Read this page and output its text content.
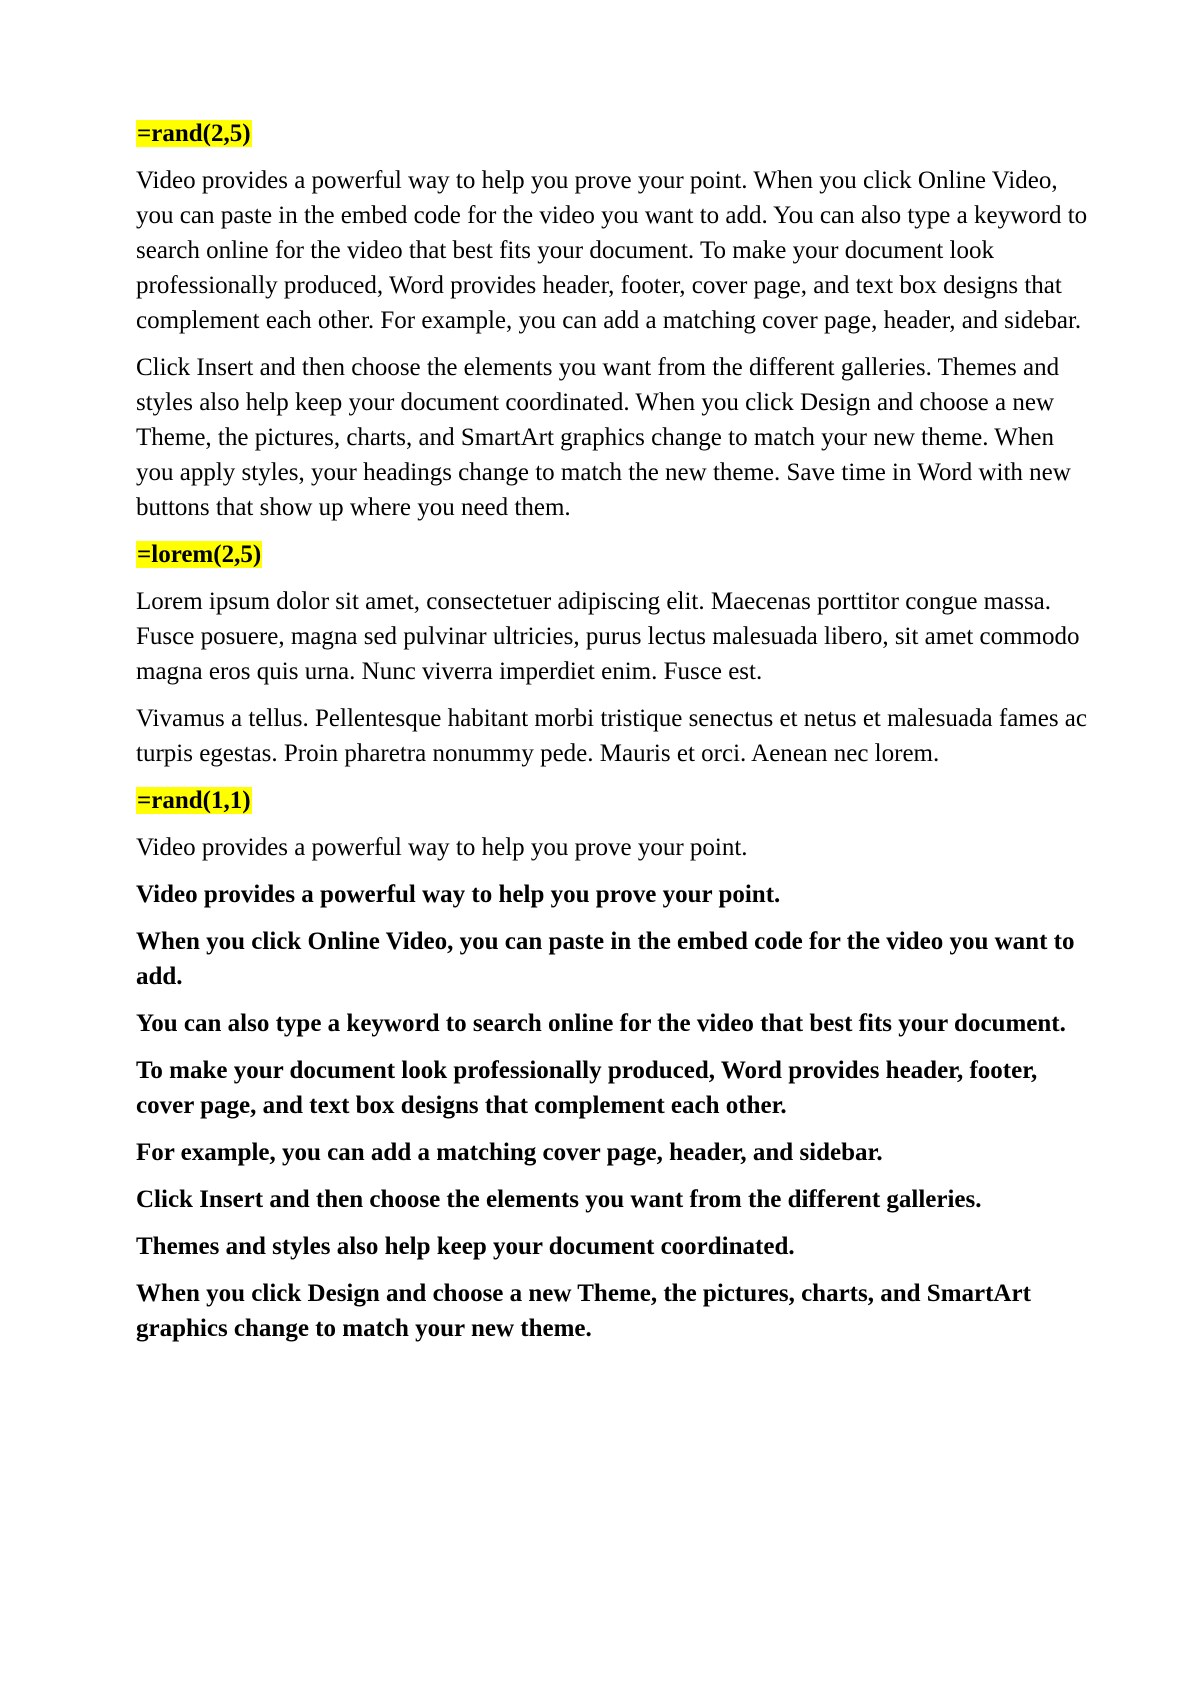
=rand(2,5)

Video provides a powerful way to help you prove your point. When you click Online Video, you can paste in the embed code for the video you want to add. You can also type a keyword to search online for the video that best fits your document. To make your document look professionally produced, Word provides header, footer, cover page, and text box designs that complement each other. For example, you can add a matching cover page, header, and sidebar.

Click Insert and then choose the elements you want from the different galleries. Themes and styles also help keep your document coordinated. When you click Design and choose a new Theme, the pictures, charts, and SmartArt graphics change to match your new theme. When you apply styles, your headings change to match the new theme. Save time in Word with new buttons that show up where you need them.

=lorem(2,5)

Lorem ipsum dolor sit amet, consectetuer adipiscing elit. Maecenas porttitor congue massa. Fusce posuere, magna sed pulvinar ultricies, purus lectus malesuada libero, sit amet commodo magna eros quis urna. Nunc viverra imperdiet enim. Fusce est.

Vivamus a tellus. Pellentesque habitant morbi tristique senectus et netus et malesuada fames ac turpis egestas. Proin pharetra nonummy pede. Mauris et orci. Aenean nec lorem.

=rand(1,1)

Video provides a powerful way to help you prove your point.

Video provides a powerful way to help you prove your point.

When you click Online Video, you can paste in the embed code for the video you want to add.

You can also type a keyword to search online for the video that best fits your document.

To make your document look professionally produced, Word provides header, footer, cover page, and text box designs that complement each other.

For example, you can add a matching cover page, header, and sidebar.

Click Insert and then choose the elements you want from the different galleries.

Themes and styles also help keep your document coordinated.

When you click Design and choose a new Theme, the pictures, charts, and SmartArt graphics change to match your new theme.
